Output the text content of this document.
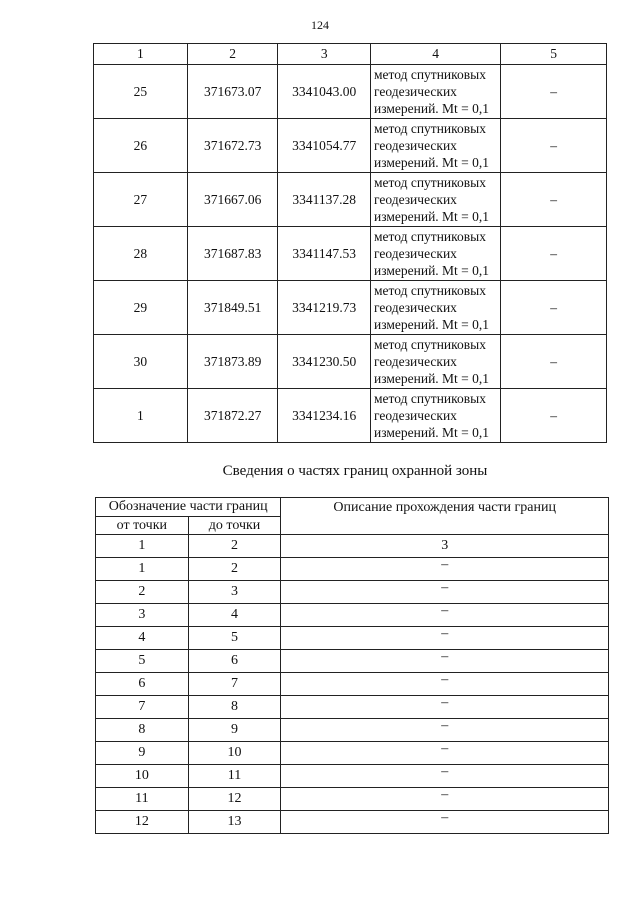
124
1	2	3	4	5
25	371673.07	3341043.00	метод спутниковых
геодезических
измерений. Mt = 0,1	–
26	371672.73	3341054.77	метод спутниковых
геодезических
измерений. Mt = 0,1	–
27	371667.06	3341137.28	метод спутниковых
геодезических
измерений. Mt = 0,1	–
28	371687.83	3341147.53	метод спутниковых
геодезических
измерений. Mt = 0,1	–
29	371849.51	3341219.73	метод спутниковых
геодезических
измерений. Mt = 0,1	–
30	371873.89	3341230.50	метод спутниковых
геодезических
измерений. Mt = 0,1	–
1	371872.27	3341234.16	метод спутниковых
геодезических
измерений. Mt = 0,1	–
Сведения о частях границ охранной зоны
Обозначение части границ		Описание прохождения части границ
от точки	до точки	
1	2	3
1	2	–
2	3	–
3	4	–
4	5	–
5	6	–
6	7	–
7	8	–
8	9	–
9	10	–
10	11	–
11	12	–
12	13	–
